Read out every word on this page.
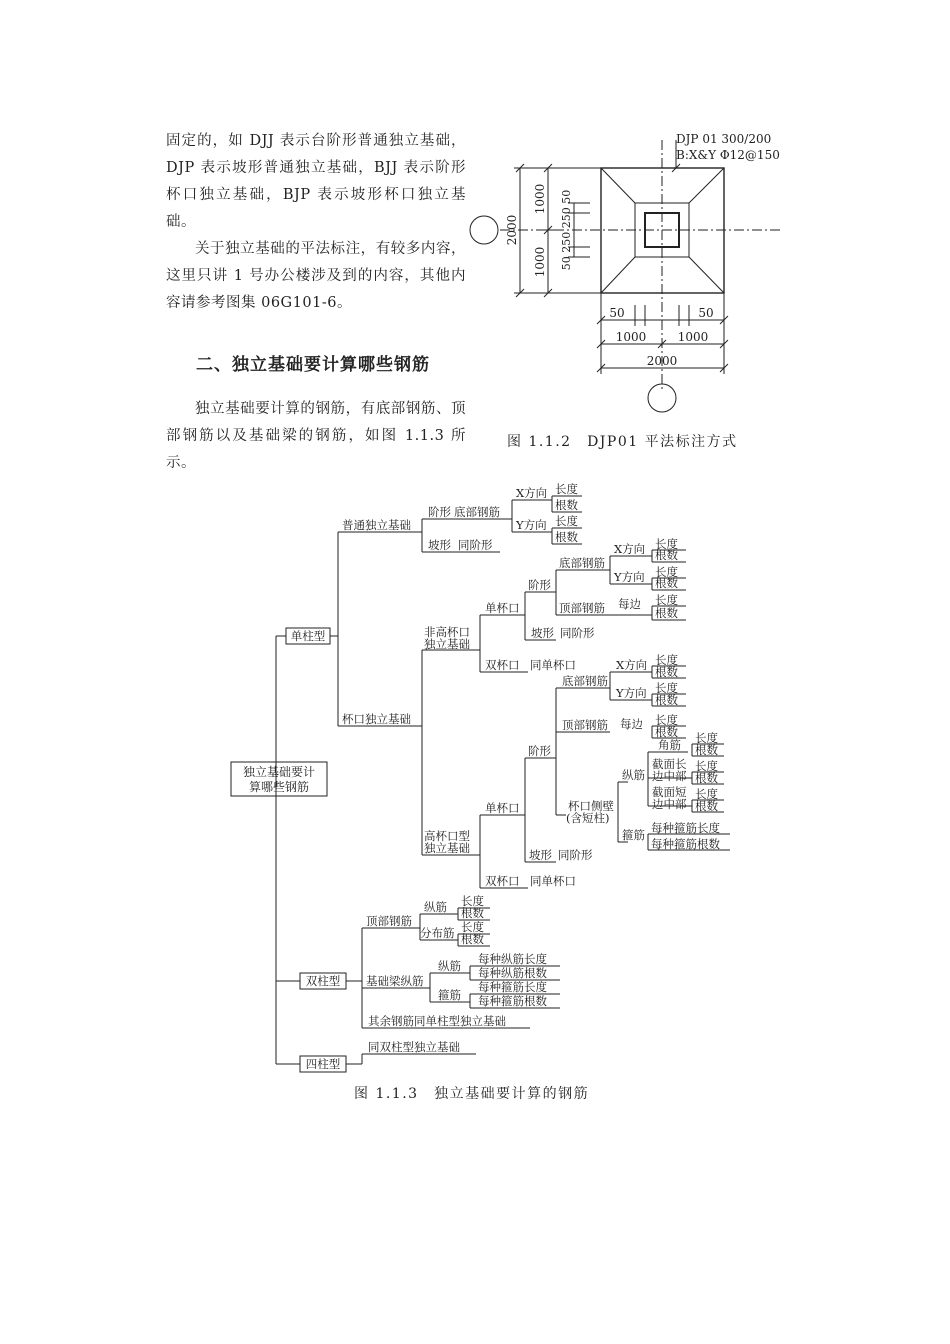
固定的，如 DJJ 表示台阶形普通独立基础，DJP 表示坡形普通独立基础，BJJ 表示阶形杯口独立基础，BJP 表示坡形杯口独立基础。

关于独立基础的平法标注，有较多内容，这里只讲 1 号办公楼涉及到的内容，其他内容请参考图集 06G101-6。

二、独立基础要计算哪些钢筋

独立基础要计算的钢筋，有底部钢筋、顶部钢筋以及基础梁的钢筋，如图 1.1.3 所示。

DJP 01 300/200
B:X&Y Φ12@150
2000
1000
1000 50 250 250 50
50	50
1000	1000
2000
图 1.1.2　DJP01 平法标注方式
独立基础要计
算哪些钢筋
单柱型
双柱型
四柱型
普通独立基础
杯口独立基础
阶形 底部钢筋
坡形 同阶形
X方向
Y方向
长度
根数
长度
根数
非高杯口
独立基础
单杯口
双杯口 同单杯口
阶形
坡形 同阶形
底部钢筋
顶部钢筋
X方向
Y方向
每边
长度
根数
长度
根数
长度
根数
高杯口型
独立基础
单杯口
双杯口 同单杯口
阶形
坡形 同阶形
底部钢筋
顶部钢筋
杯口侧壁
(含短柱)
X方向
Y方向
每边
长度
根数
长度
根数
长度
根数
纵筋
箍筋
角筋
截面长
边中部
截面短
边中部
长度
根数
长度
根数
长度
根数
每种箍筋长度
每种箍筋根数
顶部钢筋
基础梁纵筋
其余钢筋同单柱型独立基础
纵筋
分布筋
纵筋
箍筋
长度
根数
长度
根数
每种纵筋长度
每种纵筋根数
每种箍筋长度
每种箍筋根数
同双柱型独立基础
图 1.1.3　独立基础要计算的钢筋
